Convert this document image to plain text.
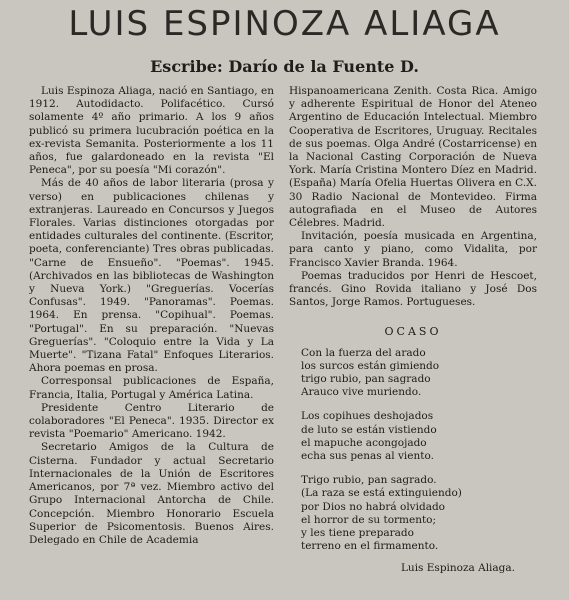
LUIS ESPINOZA ALIAGA
Escribe: Darío de la Fuente D.

Luis Espinoza Aliaga, nació en Santiago, en 1912. Autodidacto. Polifacético. Cursó solamente 4º año primario. A los 9 años publicó su primera lucubración poética en la ex-revista Semanita. Posteriormente a los 11 años, fue galardoneado en la revista "El Peneca", por su poesía "Mi corazón".

Más de 40 años de labor literaria (prosa y verso) en publicaciones chilenas y extranjeras. Laureado en Concursos y Juegos Florales. Varias distinciones otorgadas por entidades culturales del continente. (Escritor, poeta, conferenciante) Tres obras publicadas. "Carne de Ensueño". "Poemas". 1945. (Archivados en las bibliotecas de Washington y Nueva York.) "Greguerías. Vocerías Confusas". 1949. "Panoramas". Poemas. 1964. En prensa. "Copihual". Poemas. "Portugal". En su preparación. "Nuevas Greguerías". "Coloquio entre la Vida y La Muerte". "Tizana Fatal" Enfoques Literarios. Ahora poemas en prosa.

Corresponsal publicaciones de España, Francia, Italia, Portugal y América Latina.

Presidente Centro Literario de colaboradores "El Peneca". 1935. Director ex revista "Poemario" Americano. 1942.

Secretario Amigos de la Cultura de Cisterna. Fundador y actual Secretario Internacionales de la Unión de Escritores Americanos, por 7ª vez. Miembro activo del Grupo Internacional Antorcha de Chile. Concepción. Miembro Honorario Escuela Superior de Psicomentosis. Buenos Aires. Delegado en Chile de Academia

Hispanoamericana Zenith. Costa Rica. Amigo y adherente Espiritual de Honor del Ateneo Argentino de Educación Intelectual. Miembro Cooperativa de Escritores, Uruguay. Recitales de sus poemas. Olga André (Costarricense) en la Nacional Casting Corporación de Nueva York. María Cristina Montero Díez en Madrid. (España) María Ofelia Huertas Olivera en C.X. 30 Radio Nacional de Montevideo. Firma autografiada en el Museo de Autores Célebres. Madrid.

Invitación, poesía musicada en Argentina, para canto y piano, como Vidalita, por Francisco Xavier Branda. 1964.

Poemas traducidos por Henri de Hescoet, francés. Gino Rovida italiano y José Dos Santos, Jorge Ramos. Portugueses.

OCASO
Con la fuerza del arado
los surcos están gimiendo
trigo rubio, pan sagrado
Arauco vive muriendo.
Los copihues deshojados
de luto se están vistiendo
el mapuche acongojado
echa sus penas al viento.
Trigo rubio, pan sagrado.
(La raza se está extinguiendo)
por Dios no habrá olvidado
el horror de su tormento;
y les tiene preparado
terreno en el firmamento.
Luis Espinoza Aliaga.
